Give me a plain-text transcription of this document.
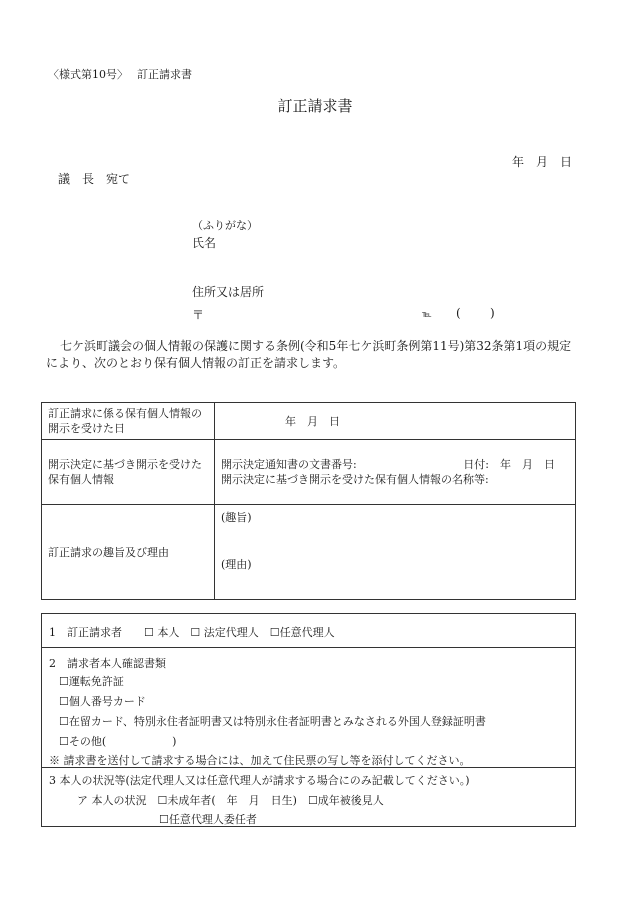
〈様式第10号〉　 訂正請求書
訂正請求書
年　月　日
議　長　宛て
（ふりがな）
氏名
住所又は居所
〒	℡ ( )
七ケ浜町議会の個人情報の保護に関する条例(令和5年七ケ浜町条例第11号)第32条第1項の規定により、次のとおり保有個人情報の訂正を請求します。
訂正請求に係る保有個人情報の開示を受けた日	年　月　日
開示決定に基づき開示を受けた保有個人情報	開示決定通知書の文書番号: 日付:　年　月　日
開示決定に基づき開示を受けた保有個人情報の名称等:

訂正請求の趣旨及び理由	(趣旨)
(理由)
1　訂正請求者　　☐ 本人　☐ 法定代理人　☐任意代理人
2　請求者本人確認書類
☐運転免許証
☐個人番号カード
☐在留カード、特別永住者証明書又は特別永住者証明書とみなされる外国人登録証明書
☐その他(　　　　　　)
※ 請求書を送付して請求する場合には、加えて住民票の写し等を添付してください。
3 本人の状況等(法定代理人又は任意代理人が請求する場合にのみ記載してください。)
ア 本人の状況　☐未成年者(　年　月　日生)　☐成年被後見人
☐任意代理人委任者
